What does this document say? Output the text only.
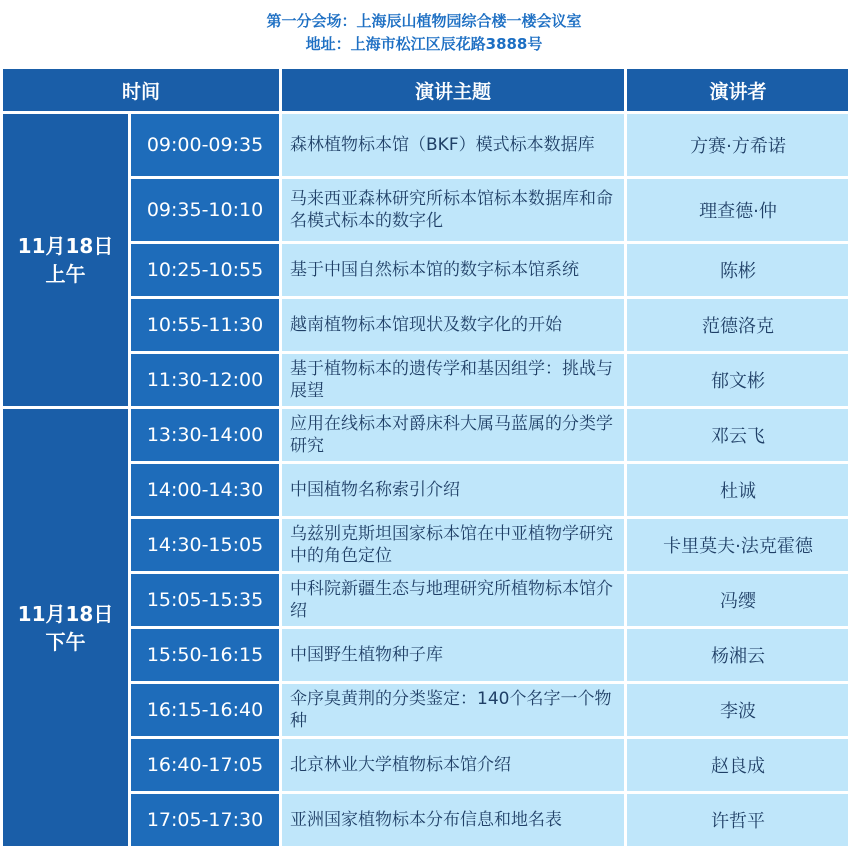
第一分会场：上海辰山植物园综合楼一楼会议室
地址：上海市松江区辰花路3888号
时间		演讲主题	演讲者

11月18日
上午	09:00-09:35	森林植物标本馆（BKF）模式标本数据库	方赛·方希诺
	09:35-10:10	马来西亚森林研究所标本馆标本数据库和命名模式标本的数字化	理查德·仲
	10:25-10:55	基于中国自然标本馆的数字标本馆系统	陈彬
	10:55-11:30	越南植物标本馆现状及数字化的开始	范德洛克
	11:30-12:00	基于植物标本的遗传学和基因组学：挑战与展望	郁文彬

11月18日
下午	13:30-14:00	应用在线标本对爵床科大属马蓝属的分类学研究	邓云飞
	14:00-14:30	中国植物名称索引介绍	杜诚
	14:30-15:05	乌兹别克斯坦国家标本馆在中亚植物学研究中的角色定位	卡里莫夫·法克霍德
	15:05-15:35	中科院新疆生态与地理研究所植物标本馆介绍	冯缨
	15:50-16:15	中国野生植物种子库	杨湘云
	16:15-16:40	伞序臭黄荆的分类鉴定：140个名字一个物种	李波
	16:40-17:05	北京林业大学植物标本馆介绍	赵良成
	17:05-17:30	亚洲国家植物标本分布信息和地名表	许哲平
